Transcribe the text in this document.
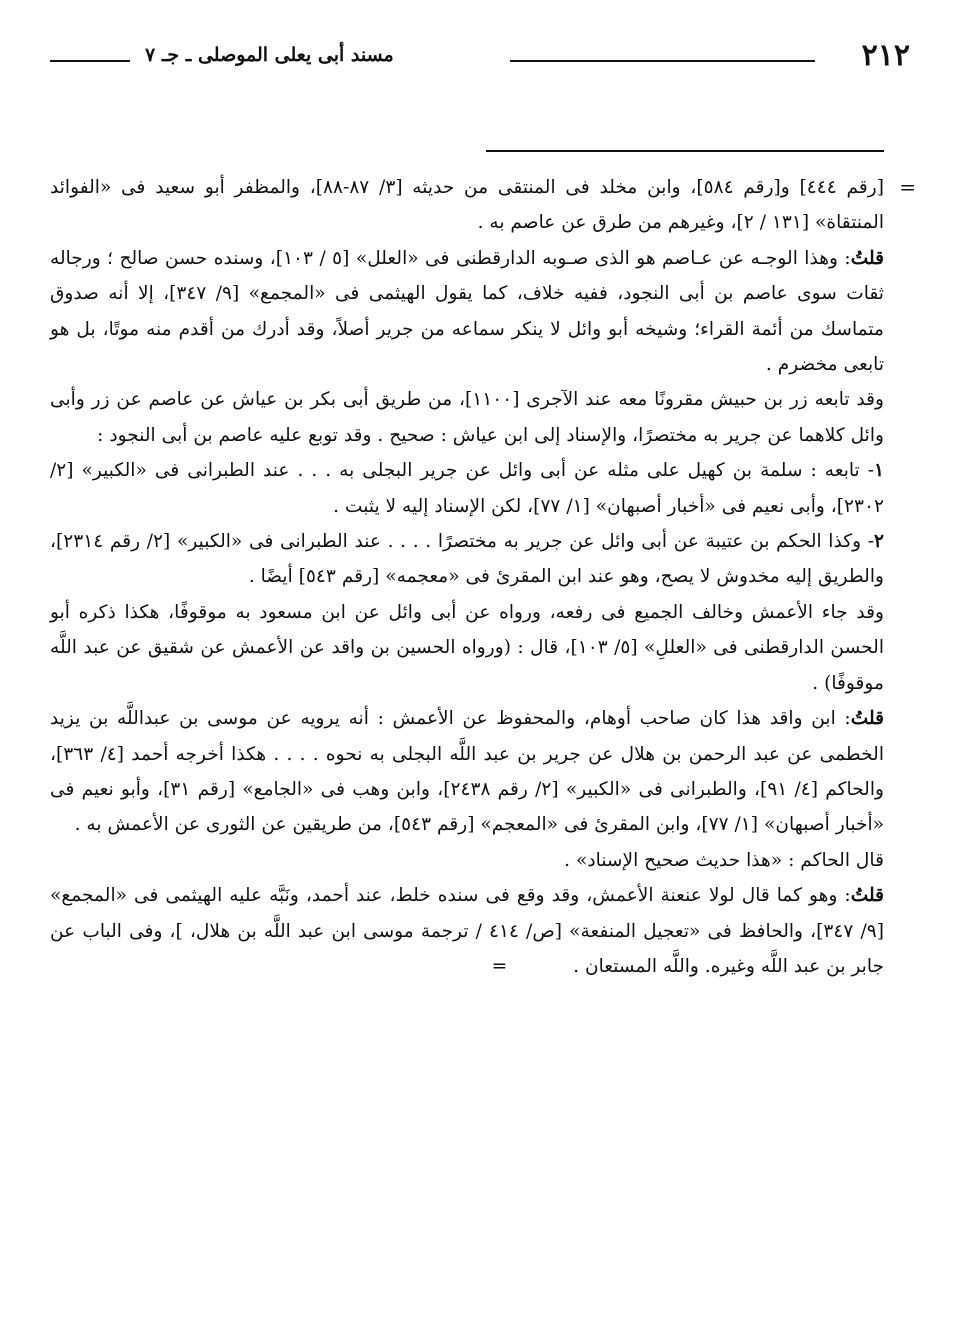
٢١٢
مسند أبى يعلى الموصلى ـ جـ ٧

=
[رقم ٤٤٤] و[رقم ٥٨٤]، وابن مخلد فى المنتقى من حديثه [٣/ ٨٧-٨٨]، والمظفر أبو سعيد فى «الفوائد المنتقاة» [١٣١ / ٢]، وغيرهم من طرق عن عاصم به .

قلتُ: وهذا الوجـه عن عـاصم هو الذى صـوبه الدارقطنى فى «العلل» [٥ / ١٠٣]، وسنده حسن صالح ؛ ورجاله ثقات سوى عاصم بن أبى النجود، ففيه خلاف، كما يقول الهيثمى فى «المجمع» [٩/ ٣٤٧]، إلا أنه صدوق متماسك من أئمة القراء؛ وشيخه أبو وائل لا ينكر سماعه من جرير أصلاً، وقد أدرك من أقدم منه موتًا، بل هو تابعى مخضرم .

وقد تابعه زر بن حبيش مقرونًا معه عند الآجرى [١١٠٠]، من طريق أبى بكر بن عياش عن عاصم عن زر وأبى وائل كلاهما عن جرير به مختصرًا، والإسناد إلى ابن عياش : صحيح . وقد توبع عليه عاصم بن أبى النجود :

١- تابعه : سلمة بن كهيل على مثله عن أبى وائل عن جرير البجلى به . . . عند الطبرانى فى «الكبير» [٢/ ٢٣٠٢]، وأبى نعيم فى «أخبار أصبهان» [١/ ٧٧]، لكن الإسناد إليه لا يثبت .

٢- وكذا الحكم بن عتيبة عن أبى وائل عن جرير به مختصرًا . . . . عند الطبرانى فى «الكبير» [٢/ رقم ٢٣١٤]، والطريق إليه مخدوش لا يصح، وهو عند ابن المقرئ فى «معجمه» [رقم ٥٤٣] أيضًا .

وقد جاء الأعمش وخالف الجميع فى رفعه، ورواه عن أبى وائل عن ابن مسعود به موقوفًا، هكذا ذكره أبو الحسن الدارقطنى فى «العللِ» [٥/ ١٠٣]، قال : (ورواه الحسين بن واقد عن الأعمش عن شقيق عن عبد اللَّه موقوفًا) .

قلتُ: ابن واقد هذا كان صاحب أوهام، والمحفوظ عن الأعمش : أنه يرويه عن موسى بن عبداللَّه بن يزيد الخطمى عن عبد الرحمن بن هلال عن جرير بن عبد اللَّه البجلى به نحوه . . . . هكذا أخرجه أحمد [٤/ ٣٦٣]، والحاكم [٤/ ٩١]، والطبرانى فى «الكبير» [٢/ رقم ٢٤٣٨]، وابن وهب فى «الجامع» [رقم ٣١]، وأبو نعيم فى «أخبار أصبهان» [١/ ٧٧]، وابن المقرئ فى «المعجم» [رقم ٥٤٣]، من طريقين عن الثورى عن الأعمش به .

قال الحاكم : «هذا حديث صحيح الإسناد» .

قلتُ: وهو كما قال لولا عنعنة الأعمش، وقد وقع فى سنده خلط، عند أحمد، ونَبَّه عليه الهيثمى فى «المجمع» [٩/ ٣٤٧]، والحافظ فى «تعجيل المنفعة» [ص/ ٤١٤ / ترجمة موسى ابن عبد اللَّه بن هلال، ]، وفى الباب عن جابر بن عبد اللَّه وغيره. واللَّه المستعان . =
